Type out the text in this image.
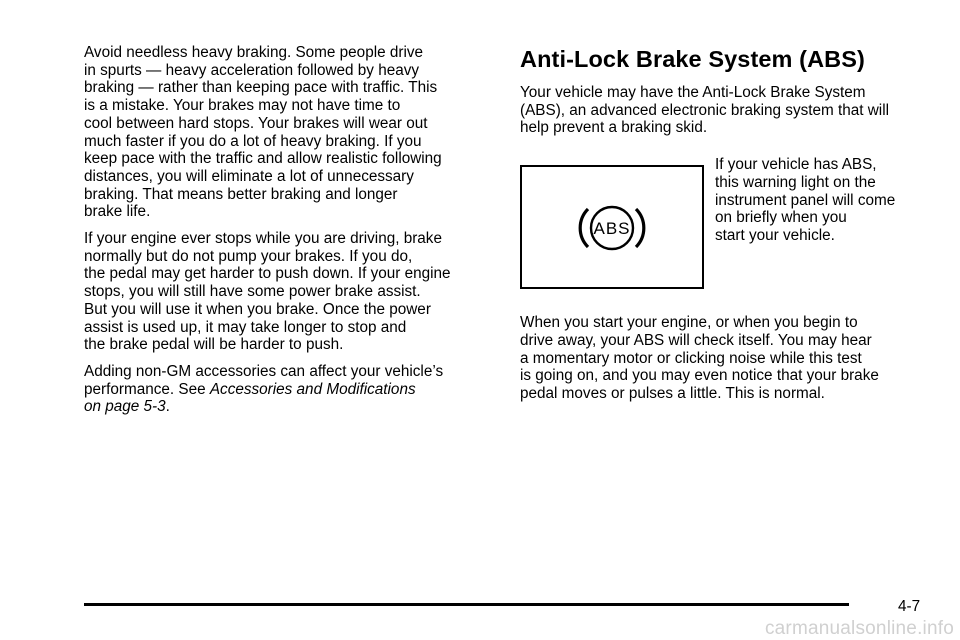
Avoid needless heavy braking. Some people drive
in spurts — heavy acceleration followed by heavy
braking — rather than keeping pace with traffic. This
is a mistake. Your brakes may not have time to
cool between hard stops. Your brakes will wear out
much faster if you do a lot of heavy braking. If you
keep pace with the traffic and allow realistic following
distances, you will eliminate a lot of unnecessary
braking. That means better braking and longer
brake life.

If your engine ever stops while you are driving, brake
normally but do not pump your brakes. If you do,
the pedal may get harder to push down. If your engine
stops, you will still have some power brake assist.
But you will use it when you brake. Once the power
assist is used up, it may take longer to stop and
the brake pedal will be harder to push.

Adding non-GM accessories can affect your vehicle’s
performance. See Accessories and Modifications
on page 5-3.

Anti-Lock Brake System (ABS)

Your vehicle may have the Anti-Lock Brake System
(ABS), an advanced electronic braking system that will
help prevent a braking skid.

ABS

If your vehicle has ABS,
this warning light on the
instrument panel will come
on briefly when you
start your vehicle.

When you start your engine, or when you begin to
drive away, your ABS will check itself. You may hear
a momentary motor or clicking noise while this test
is going on, and you may even notice that your brake
pedal moves or pulses a little. This is normal.

4-7
carmanualsonline.info
